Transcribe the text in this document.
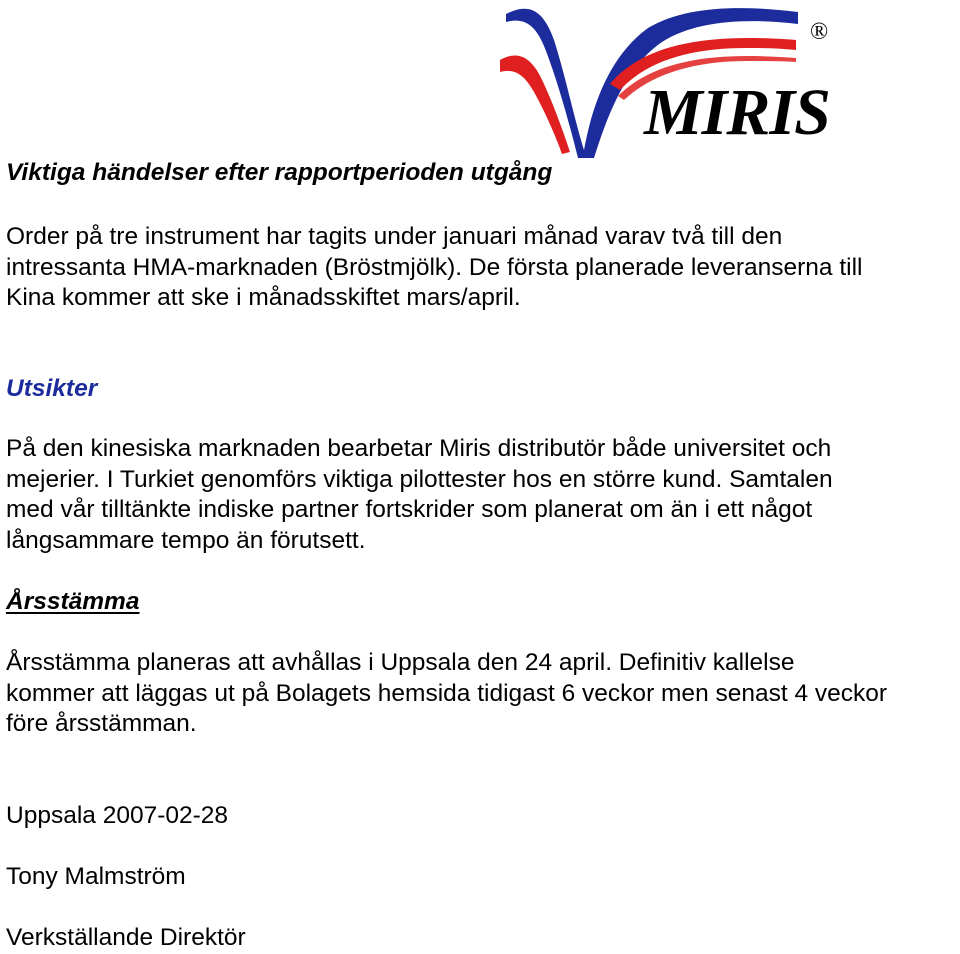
MIRIS
®

Viktiga händelser efter rapportperioden utgång

Order på tre instrument har tagits under januari månad varav två till den
intressanta HMA-marknaden (Bröstmjölk). De första planerade leveranserna till
Kina kommer att ske i månadsskiftet mars/april.

Utsikter

På den kinesiska marknaden bearbetar Miris distributör både universitet och
mejerier. I Turkiet genomförs viktiga pilottester hos en större kund. Samtalen
med vår tilltänkte indiske partner fortskrider som planerat om än i ett något
långsammare tempo än förutsett.

Årsstämma

Årsstämma planeras att avhållas i Uppsala den 24 april. Definitiv kallelse
kommer att läggas ut på Bolagets hemsida tidigast 6 veckor men senast 4 veckor
före årsstämman.

Uppsala 2007-02-28

Tony Malmström

Verkställande Direktör
